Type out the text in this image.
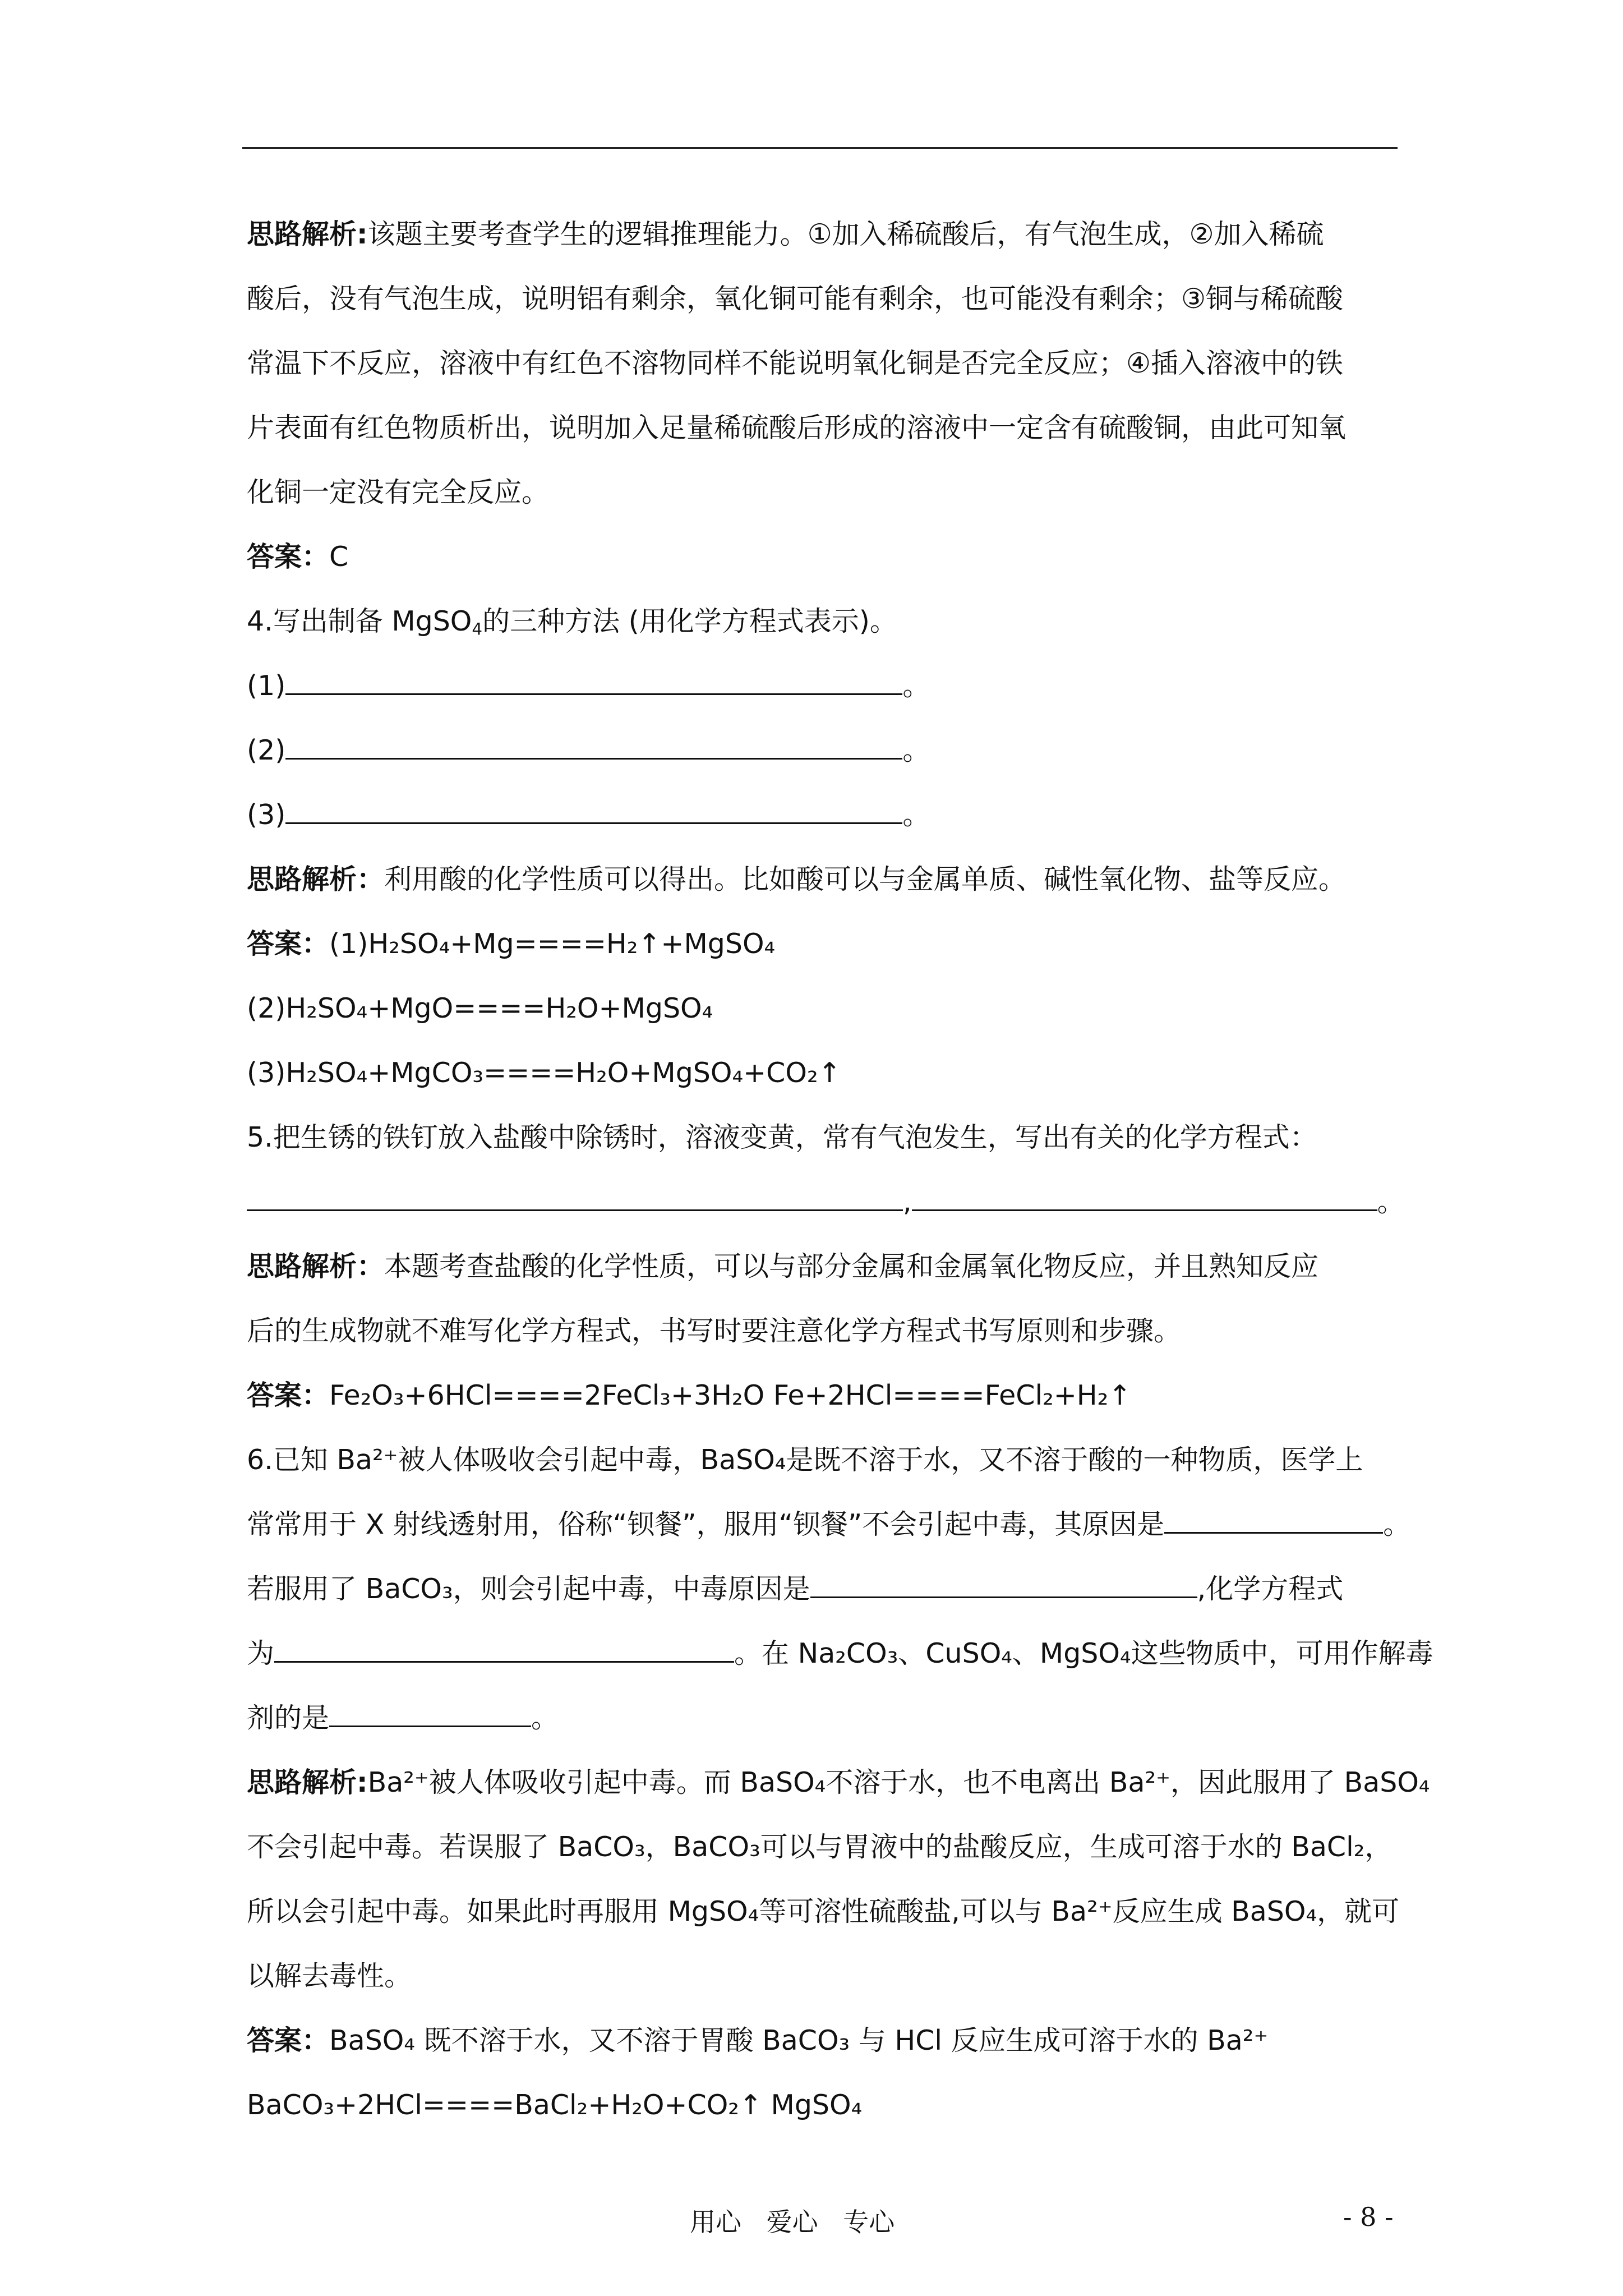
思路解析:该题主要考查学生的逻辑推理能力。①加入稀硫酸后，有气泡生成，②加入稀硫
酸后，没有气泡生成，说明铝有剩余，氧化铜可能有剩余，也可能没有剩余；③铜与稀硫酸
常温下不反应，溶液中有红色不溶物同样不能说明氧化铜是否完全反应；④插入溶液中的铁
片表面有红色物质析出，说明加入足量稀硫酸后形成的溶液中一定含有硫酸铜，由此可知氧
化铜一定没有完全反应。
答案：C
4.写出制备 MgSO$_4$的三种方法 (用化学方程式表示)。
(1)	。
(2)	。
(3)	。
思路解析：利用酸的化学性质可以得出。比如酸可以与金属单质、碱性氧化物、盐等反应。
答案：(1)H₂SO₄+Mg====H₂↑+MgSO₄
(2)H₂SO₄+MgO====H₂O+MgSO₄
(3)H₂SO₄+MgCO₃====H₂O+MgSO₄+CO₂↑
5.把生锈的铁钉放入盐酸中除锈时，溶液变黄，常有气泡发生，写出有关的化学方程式：
,	。
思路解析：本题考查盐酸的化学性质，可以与部分金属和金属氧化物反应，并且熟知反应
后的生成物就不难写化学方程式，书写时要注意化学方程式书写原则和步骤。
答案：Fe₂O₃+6HCl====2FeCl₃+3H₂O Fe+2HCl====FeCl₂+H₂↑
6.已知 Ba²⁺被人体吸收会引起中毒，BaSO₄是既不溶于水，又不溶于酸的一种物质，医学上
常常用于 X 射线透射用，俗称“钡餐”，服用“钡餐”不会引起中毒，其原因是	。
若服用了 BaCO₃，则会引起中毒，中毒原因是	,化学方程式
为	。在 Na₂CO₃、CuSO₄、MgSO₄这些物质中，可用作解毒
剂的是	。
思路解析:Ba²⁺被人体吸收引起中毒。而 BaSO₄不溶于水，也不电离出 Ba²⁺，因此服用了 BaSO₄
不会引起中毒。若误服了 BaCO₃，BaCO₃可以与胃液中的盐酸反应，生成可溶于水的 BaCl₂，
所以会引起中毒。如果此时再服用 MgSO₄等可溶性硫酸盐,可以与 Ba²⁺反应生成 BaSO₄，就可
以解去毒性。
答案：BaSO₄ 既不溶于水，又不溶于胃酸 BaCO₃ 与 HCl 反应生成可溶于水的 Ba²⁺
BaCO₃+2HCl====BaCl₂+H₂O+CO₂↑ MgSO₄
用心 爱心 专心	- 8 -
